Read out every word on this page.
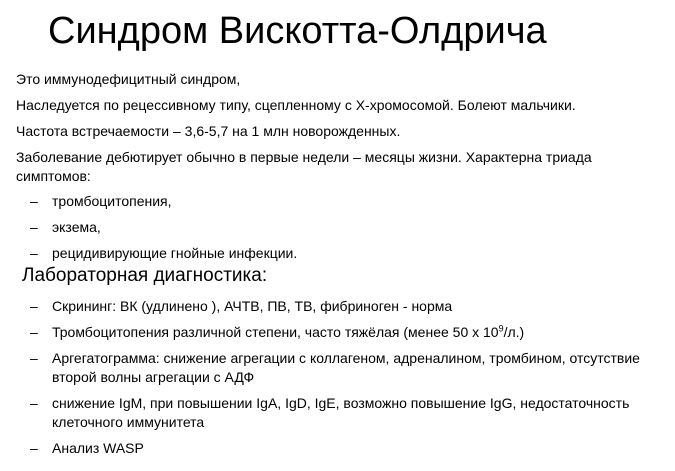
Синдром Вискотта-Олдрича
Это иммунодефицитный синдром,
Наследуется по рецессивному типу, сцепленному с Х-хромосомой. Болеют мальчики.
Частота встречаемости – 3,6-5,7 на 1 млн новорожденных.
Заболевание дебютирует обычно в первые недели – месяцы жизни. Характерна триада симптомов:
– тромбоцитопения,
– экзема,
– рецидивирующие гнойные инфекции.
Лабораторная диагностика:
– Скрининг: ВК (удлинено ), АЧТВ, ПВ, ТВ, фибриноген - норма
– Тромбоцитопения различной степени, часто тяжёлая (менее 50 х $10^9/л$.)
– Аргегатограмма: снижение агрегации с коллагеном, адреналином, тромбином, отсутствие второй волны агрегации с АДФ
– снижение IgM, при повышении IgA, IgD, IgE, возможно повышение IgG, недостаточность клеточного иммунитета
– Анализ WASP
